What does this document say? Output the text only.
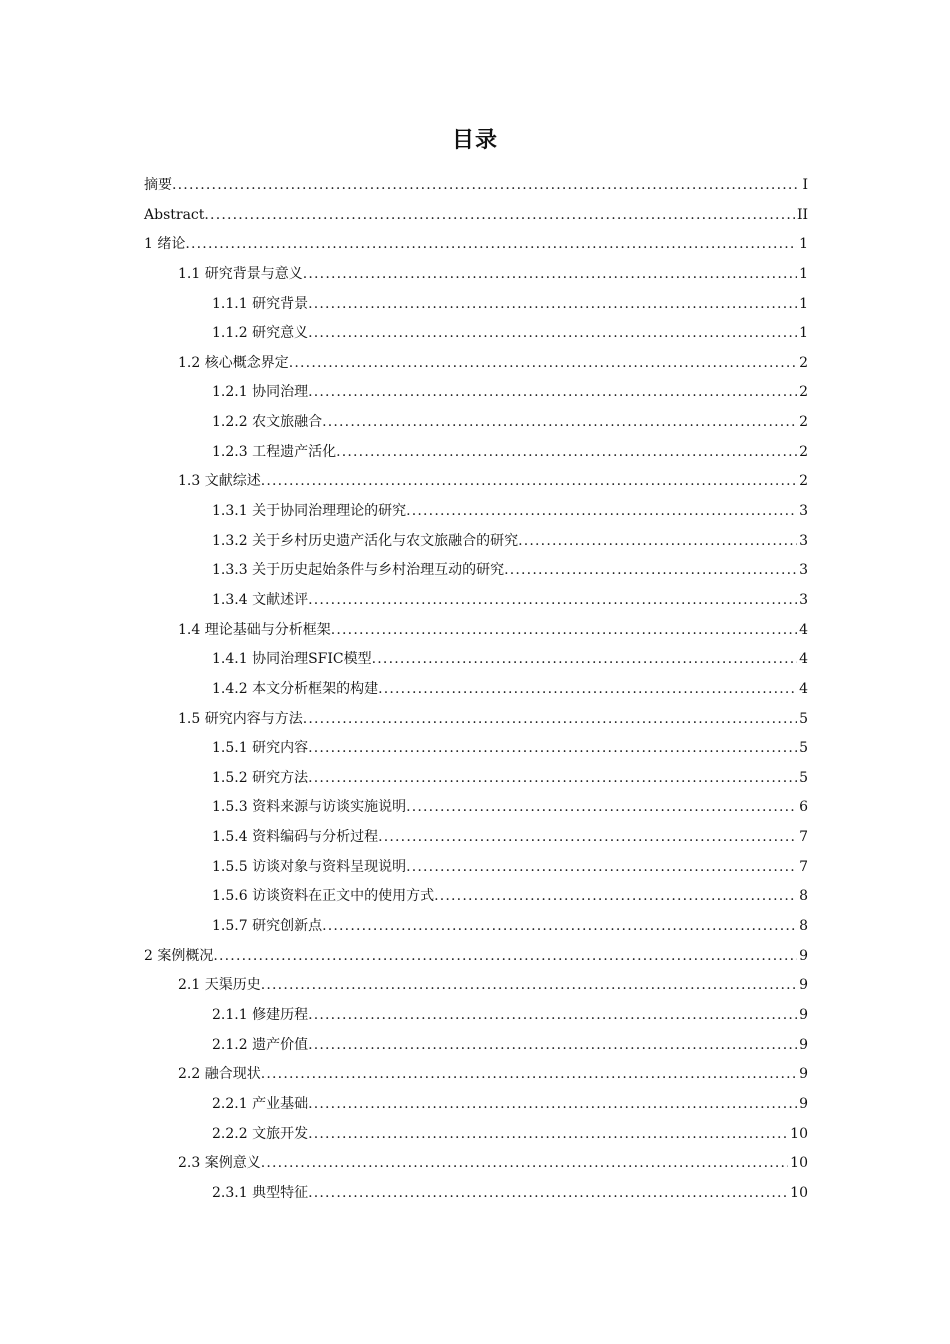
目录
摘要 .....	I
Abstract .....	II
1 绪论 .....	1
1.1 研究背景与意义 .....	1
1.1.1 研究背景 .....	1
1.1.2 研究意义 .....	1
1.2 核心概念界定 .....	2
1.2.1 协同治理 .....	2
1.2.2 农文旅融合 .....	2
1.2.3 工程遗产活化 .....	2
1.3 文献综述 .....	2
1.3.1 关于协同治理理论的研究 .....	3
1.3.2 关于乡村历史遗产活化与农文旅融合的研究 .....	3
1.3.3 关于历史起始条件与乡村治理互动的研究 .....	3
1.3.4 文献述评 .....	3
1.4 理论基础与分析框架 .....	4
1.4.1 协同治理SFIC模型 .....	4
1.4.2 本文分析框架的构建 .....	4
1.5 研究内容与方法 .....	5
1.5.1 研究内容 .....	5
1.5.2 研究方法 .....	5
1.5.3 资料来源与访谈实施说明 .....	6
1.5.4 资料编码与分析过程 .....	7
1.5.5 访谈对象与资料呈现说明 .....	7
1.5.6 访谈资料在正文中的使用方式 .....	8
1.5.7 研究创新点 .....	8
2 案例概况 .....	9
2.1 天渠历史 .....	9
2.1.1 修建历程 .....	9
2.1.2 遗产价值 .....	9
2.2 融合现状 .....	9
2.2.1 产业基础 .....	9
2.2.2 文旅开发 .....	10
2.3 案例意义 .....	10
2.3.1 典型特征 .....	10
